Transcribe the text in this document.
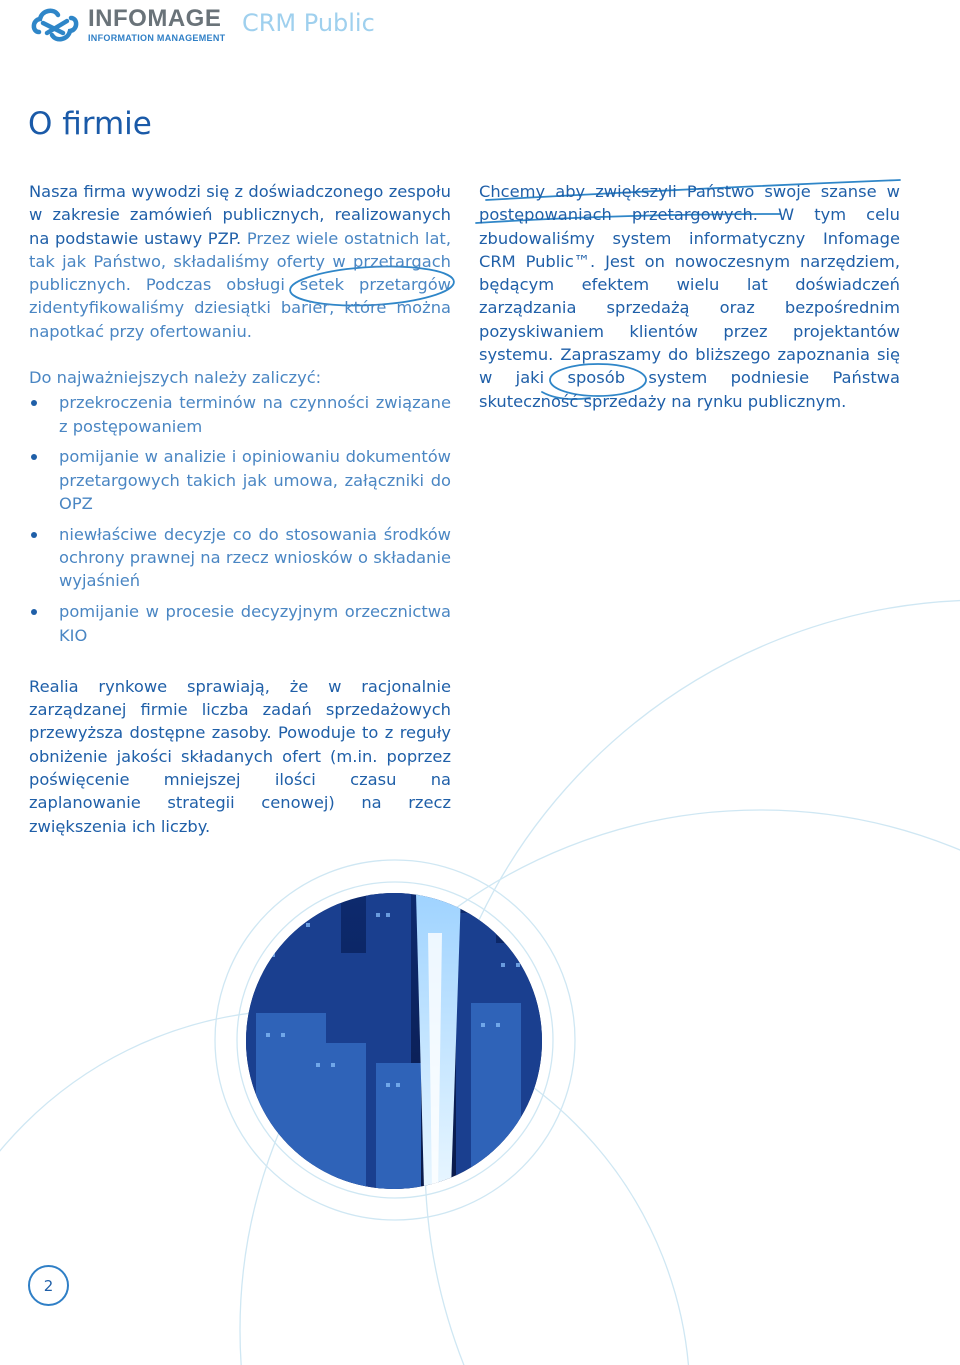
INFOMAGE
INFORMATION MANAGEMENT
CRM Public
O firmie

Nasza firma wywodzi się z doświadczonego zespołu w zakresie zamówień publicznych, realizowanych na podstawie ustawy PZP. Przez wiele ostatnich lat, tak jak Państwo, składaliśmy oferty w przetargach publicznych. Podczas obsługi setek przetargów zidentyfikowaliśmy dziesiątki barier, które można napotkać przy ofertowaniu.

Do najważniejszych należy zaliczyć:

przekroczenia terminów na czynności związane z postępowaniem
pomijanie w analizie i opiniowaniu dokumentów przetargowych takich jak umowa, załączniki do OPZ
niewłaściwe decyzje co do stosowania środków ochrony prawnej na rzecz wniosków o składanie wyjaśnień
pomijanie w procesie decyzyjnym orzecznictwa KIO

Realia rynkowe sprawiają, że w racjonalnie zarządzanej firmie liczba zadań sprzedażowych przewyższa dostępne zasoby. Powoduje to z reguły obniżenie jakości składanych ofert (m.in. poprzez poświęcenie mniejszej ilości czasu na zaplanowanie strategii cenowej) na rzecz zwiększenia ich liczby.

Chcemy aby zwiększyli Państwo swoje szanse w postępowaniach przetargowych. W tym celu zbudowaliśmy system informatyczny Infomage CRM Public™. Jest on nowoczesnym narzędziem, będącym efektem wielu lat doświadczeń zarządzania sprzedażą oraz bezpośrednim pozyskiwaniem klientów przez projektantów systemu. Zapraszamy do bliższego zapoznania się w jaki sposób system podniesie Państwa skuteczność sprzedaży na rynku publicznym.

2
